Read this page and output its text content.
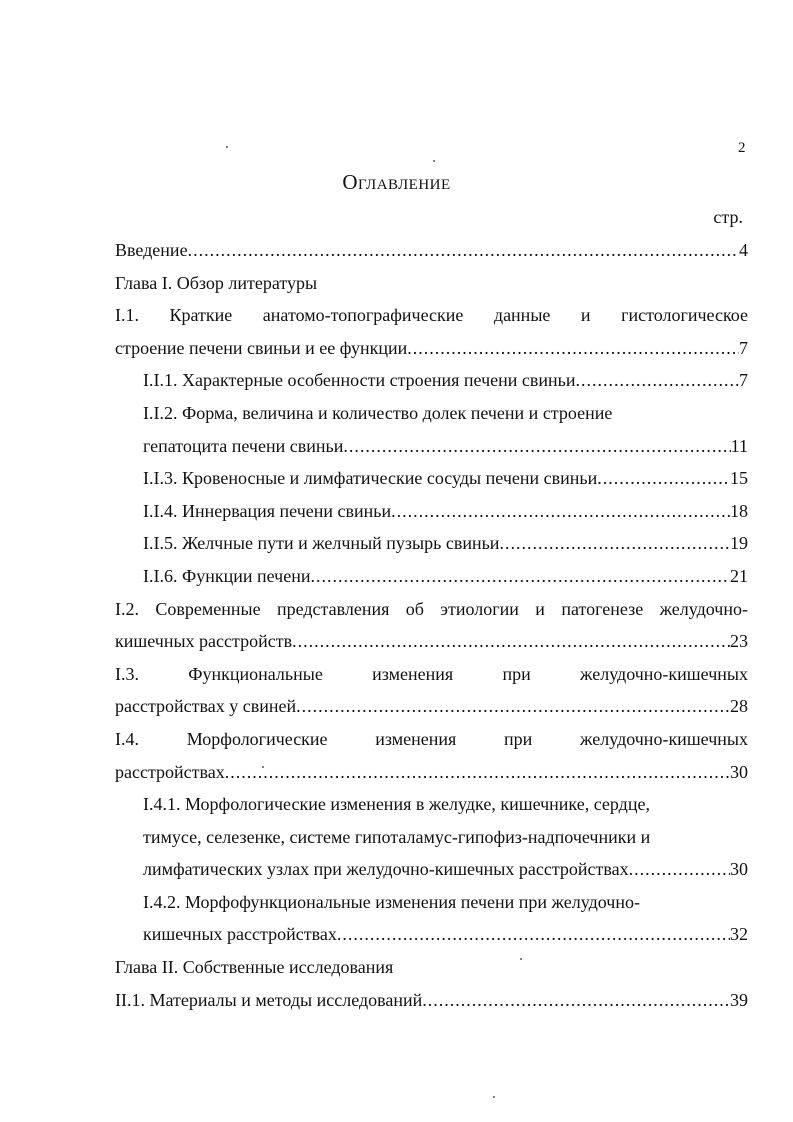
2
Оглавление
стр.
Введение .....	4
Глава I. Обзор литературы
I.1. Краткие анатомо-топографические данные и гистологическое
строение печени свиньи и ее функции .....	7
I.I.1. Характерные особенности строения печени свиньи .....	7
I.I.2. Форма, величина и количество долек печени и строение
гепатоцита печени свиньи .....	11
I.I.3. Кровеносные и лимфатические сосуды печени свиньи .....	15
I.I.4. Иннервация печени свиньи .....	18
I.I.5. Желчные пути и желчный пузырь свиньи .....	19
I.I.6. Функции печени .....	21
I.2. Современные представления об этиологии и патогенезе желудочно-
кишечных расстройств .....	23
I.3. Функциональные изменения при желудочно-кишечных
расстройствах у свиней .....	28
I.4. Морфологические изменения при желудочно-кишечных
расстройствах .....	30
I.4.1. Морфологические изменения в желудке, кишечнике, сердце,
тимусе, селезенке, системе гипоталамус-гипофиз-надпочечники и
лимфатических узлах при желудочно-кишечных расстройствах .....	30
I.4.2. Морфофункциональные изменения печени при желудочно-
кишечных расстройствах .....	32
Глава II. Собственные исследования
II.1. Материалы и методы исследований .....	39
